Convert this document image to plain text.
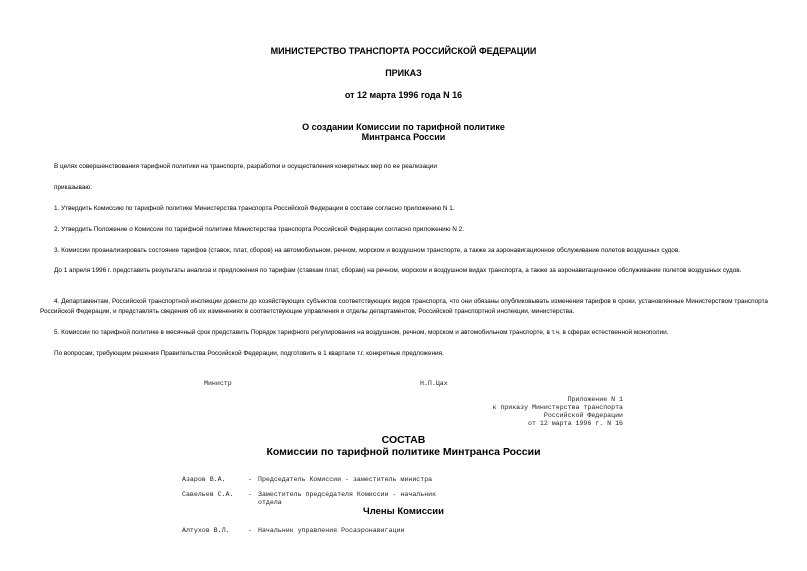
МИНИСТЕРСТВО ТРАНСПОРТА РОССИЙСКОЙ ФЕДЕРАЦИИ
ПРИКАЗ
от 12 марта 1996 года N 16
О создании Комиссии по тарифной политике
Минтранса России
В целях совершенствования тарифной политики на транспорте, разработки и осуществления конкретных мер по ее реализации
приказываю:
1. Утвердить Комиссию по тарифной политике Министерства транспорта Российской Федерации в составе согласно приложению N 1.
2. Утвердить Положение о Комиссии по тарифной политике Министерства транспорта Российской Федерации согласно приложению N 2.
3. Комиссии проанализировать состояние тарифов (ставок, плат, сборов) на автомобильном, речном, морском и воздушном транспорте, а также за аэронавигационное обслуживание полетов воздушных судов.
До 1 апреля 1996 г. представить результаты анализа и предложения по тарифам (ставкам плат, сборам) на речном, морском и воздушном видах транспорта, а также за аэронавигационное обслуживание полетов воздушных судов.
4. Департаментам, Российской транспортной инспекции довести до хозяйствующих субъектов соответствующих видов транспорта, что они обязаны опубликовывать изменения тарифов в сроки, установленные Министерством транспорта Российской Федерации, и представлять сведения об их изменениях в соответствующие управления и отделы департаментов, Российской транспортной инспекции, министерства.
5. Комиссии по тарифной политике в месячный срок представить Порядок тарифного регулирования на воздушном, речном, морском и автомобильном транспорте, в т.ч. в сферах естественной монополии.
По вопросам, требующим решения Правительства Российской Федерации, подготовить в 1 квартале т.г. конкретные предложения.
Министр	Н.П.Цах
Приложение N 1
к приказу Министерства транспорта
Российской Федерации
от 12 марта 1996 г. N 16
СОСТАВ
Комиссии по тарифной политике Минтранса России
Азаров В.А.	- Председатель Комиссии - заместитель министра
Савельев С.А. - Заместитель председателя Комиссии - начальник
отдела
Члены Комиссии
Алтухов В.Л.	- Начальник управления Росаэронавигации
